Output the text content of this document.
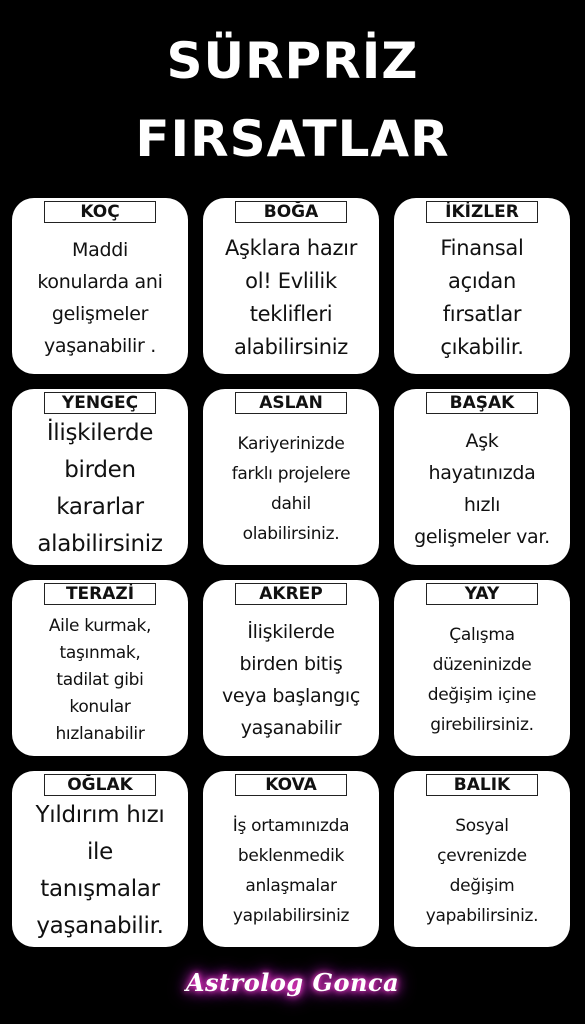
SÜRPRİZ
FIRSATLAR
KOÇ
Maddi
konularda ani
gelişmeler
yaşanabilir .
BOĞA
Aşklara hazır
ol! Evlilik
teklifleri
alabilirsiniz
İKİZLER
Finansal
açıdan
fırsatlar
çıkabilir.
YENGEÇ
İlişkilerde
birden
kararlar
alabilirsiniz
ASLAN
Kariyerinizde
farklı projelere
dahil
olabilirsiniz.
BAŞAK
Aşk
hayatınızda
hızlı
gelişmeler var.
TERAZİ
Aile kurmak,
taşınmak,
tadilat gibi
konular
hızlanabilir
AKREP
İlişkilerde
birden bitiş
veya başlangıç
yaşanabilir
YAY
Çalışma
düzeninizde
değişim içine
girebilirsiniz.
OĞLAK
Yıldırım hızı
ile
tanışmalar
yaşanabilir.
KOVA
İş ortamınızda
beklenmedik
anlaşmalar
yapılabilirsiniz
BALIK
Sosyal
çevrenizde
değişim
yapabilirsiniz.
Astrolog Gonca
